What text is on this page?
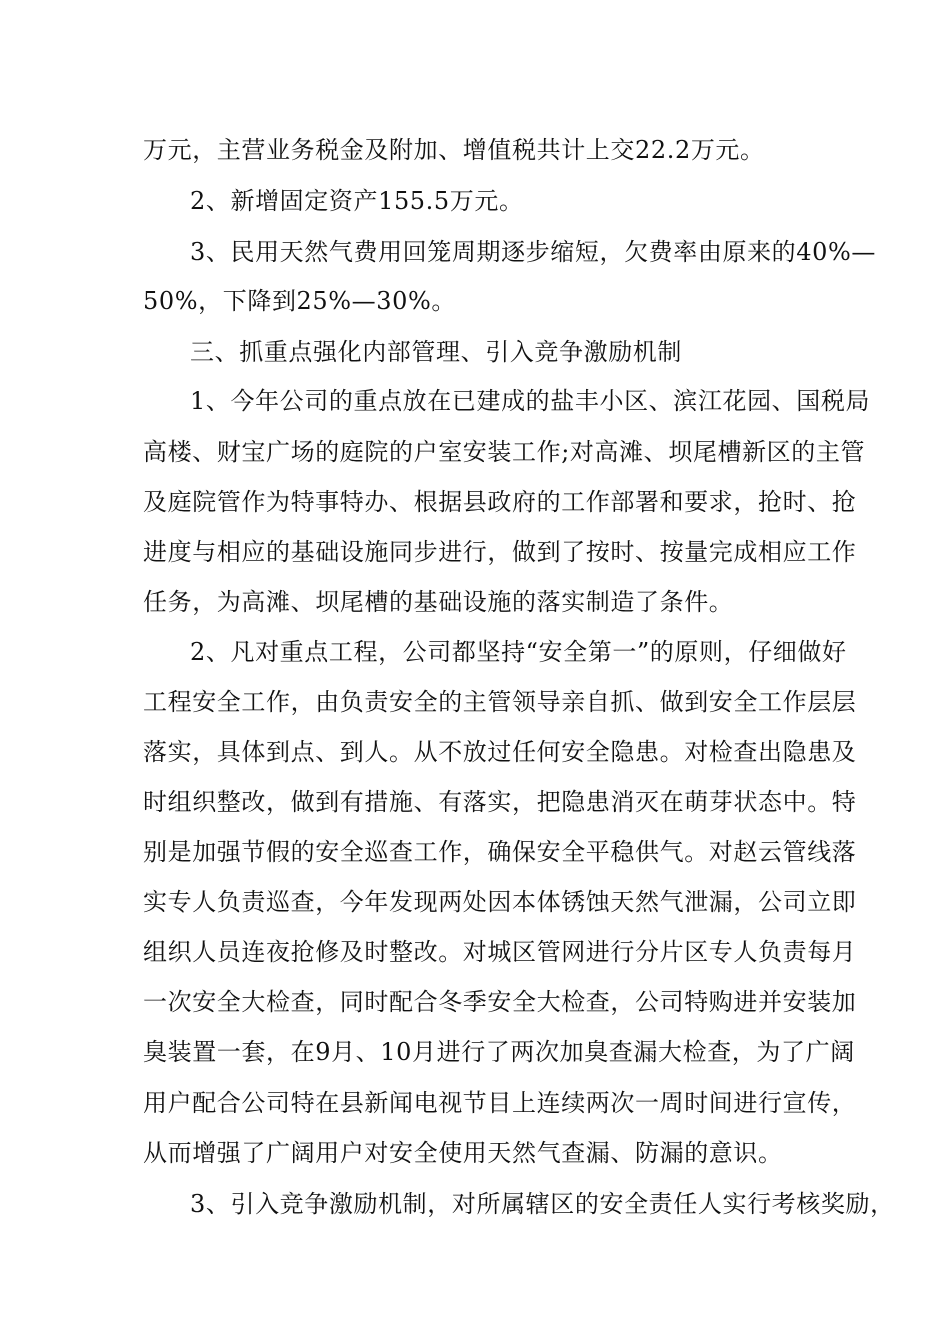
万元，主营业务税金及附加、增值税共计上交22.2万元。
2、新增固定资产155.5万元。
3、民用天然气费用回笼周期逐步缩短，欠费率由原来的40%—
50%，下降到25%—30%。
三、抓重点强化内部管理、引入竞争激励机制
1、今年公司的重点放在已建成的盐丰小区、滨江花园、国税局
高楼、财宝广场的庭院的户室安装工作;对高滩、坝尾槽新区的主管
及庭院管作为特事特办、根据县政府的工作部署和要求，抢时、抢
进度与相应的基础设施同步进行，做到了按时、按量完成相应工作
任务，为高滩、坝尾槽的基础设施的落实制造了条件。
2、凡对重点工程，公司都坚持“安全第一”的原则，仔细做好
工程安全工作，由负责安全的主管领导亲自抓、做到安全工作层层
落实，具体到点、到人。从不放过任何安全隐患。对检查出隐患及
时组织整改，做到有措施、有落实，把隐患消灭在萌芽状态中。特
别是加强节假的安全巡查工作，确保安全平稳供气。对赵云管线落
实专人负责巡查，今年发现两处因本体锈蚀天然气泄漏，公司立即
组织人员连夜抢修及时整改。对城区管网进行分片区专人负责每月
一次安全大检查，同时配合冬季安全大检查，公司特购进并安装加
臭装置一套，在9月、10月进行了两次加臭查漏大检查，为了广阔
用户配合公司特在县新闻电视节目上连续两次一周时间进行宣传，
从而增强了广阔用户对安全使用天然气查漏、防漏的意识。
3、引入竞争激励机制，对所属辖区的安全责任人实行考核奖励，
